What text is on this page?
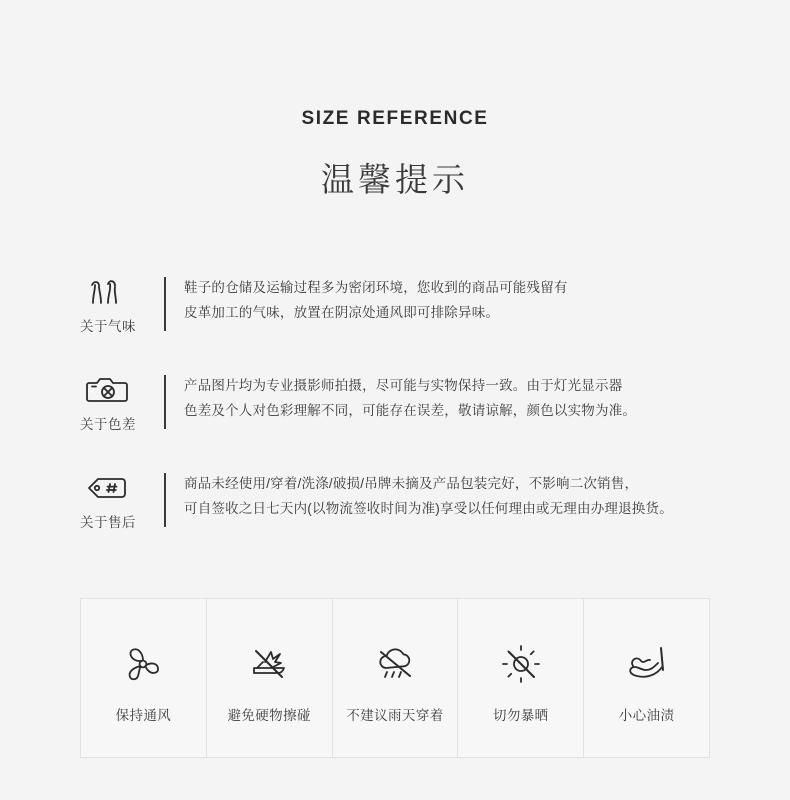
SIZE REFERENCE
温馨提示
关于气味
鞋子的仓储及运输过程多为密闭环境，您收到的商品可能残留有
皮革加工的气味，放置在阴凉处通风即可排除异味。
关于色差
产品图片均为专业摄影师拍摄，尽可能与实物保持一致。由于灯光显示器
色差及个人对色彩理解不同，可能存在误差，敬请谅解，颜色以实物为准。
关于售后
商品未经使用/穿着/洗涤/破损/吊牌未摘及产品包装完好，不影响二次销售，
可自签收之日七天内(以物流签收时间为准)享受以任何理由或无理由办理退换货。
保持通风	避免硬物擦碰	不建议雨天穿着	切勿暴晒	小心油渍
